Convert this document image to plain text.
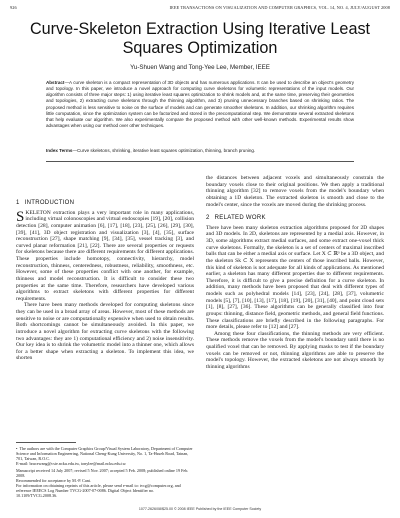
926	IEEE TRANSACTIONS ON VISUALIZATION AND COMPUTER GRAPHICS, VOL. 14, NO. 4, JULY/AUGUST 2008
Curve-Skeleton Extraction Using Iterative Least Squares Optimization
Yu-Shuen Wang and Tong-Yee Lee, Member, IEEE
Abstract—A curve skeleton is a compact representation of 3D objects and has numerous applications. It can be used to describe an object's geometry and topology. In this paper, we introduce a novel approach for computing curve skeletons for volumetric representations of the input models. Our algorithm consists of three major steps: 1) using iterative least squares optimization to shrink models and, at the same time, preserving their geometries and topologies, 2) extracting curve skeletons through the thinning algorithm, and 3) pruning unnecessary branches based on shrinking ratios. The proposed method is less sensitive to noise on the surface of models and can generate smoother skeletons. In addition, our shrinking algorithm requires little computation, since the optimization system can be factorized and stored in the precomputational step. We demonstrate several extracted skeletons that help evaluate our algorithm. We also experimentally compare the proposed method with other well-known methods. Experimental results show advantages when using our method over other techniques.
Index Terms—Curve skeletons, shrinking, iterative least squares optimization, thinning, branch pruning.
1 INTRODUCTION

SKELETON extraction plays a very important role in many applications, including virtual colonoscopies and virtual endoscopies [19], [20], collision detection [28], computer animation [6], [17], [18], [23], [25], [26], [29], [30], [39], [41], 3D object registration and visualization [3], [4], [35], surface reconstruction [27], shape matching [9], [34], [35], vessel tracking [3], and curved planar reformation [21], [22]. There are several properties or requests for skeletons because there are different requirements for different applications. These properties include homotopy, connectivity, hierarchy, model reconstruction, thinness, centeredness, robustness, reliability, smoothness, etc. However, some of these properties conflict with one another, for example, thinness and model reconstruction. It is difficult to consider these two properties at the same time. Therefore, researchers have developed various algorithms to extract skeletons with different properties for different requirements.

There have been many methods developed for computing skeletons since they can be used in a broad array of areas. However, most of these methods are sensitive to noise or are computationally expensive when used to obtain results. Both shortcomings cannot be simultaneously avoided. In this paper, we introduce a novel algorithm for extracting curve skeletons with the following two advantages: they are 1) computational efficiency and 2) noise insensitivity. Our key idea is to shrink the volumetric model into a thinner one, which allows for a better shape when extracting a skeleton. To implement this idea, we shorten

• The authors are with the Computer Graphics Group/Visual System Laboratory, Department of Computer Science and Information Engineering, National Cheng-Kung University, No. 1, Ta-Hsueh Road, Tainan, 701, Taiwan, R.O.C.

E-mail: brucewang@csie.ncku.edu.tw, tonylee@mail.ncku.edu.tw.

Manuscript received 14 July 2007; revised 5 Nov. 2007; accepted 5 Feb. 2008; published online 19 Feb. 2008.

Recommended for acceptance by M.-P. Cani.

For information on obtaining reprints of this article, please send e-mail to: tvcg@computer.org, and reference IEEECS Log Number TVCG-2007-07-0086. Digital Object Identifier no. 10.1109/TVCG.2008.36.

the distances between adjacent voxels and simultaneously constrain the boundary voxels close to their original positions. We then apply a traditional thinning algorithm [32] to remove voxels from the model's boundary when obtaining a 1D skeleton. The extracted skeleton is smooth and close to the model's center, since the voxels are moved during the shrinking process.

2 RELATED WORK

There have been many skeleton extraction algorithms proposed for 2D shapes and 3D models. In 2D, skeletons are represented by a medial axis. However, in 3D, some algorithms extract medial surfaces, and some extract one-voxel thick curve skeletons. Formally, the skeleton is a set of centers of maximal inscribed balls that can be either a medial axis or surface. Let X ⊂ ℝ³ be a 3D object, and the skeleton Sk ⊂ X represents the centers of those inscribed balls. However, this kind of skeleton is not adequate for all kinds of applications. As mentioned earlier, a skeleton has many different properties due to different requirements. Therefore, it is difficult to give a precise definition for a curve skeleton. In addition, many methods have been proposed that deal with different types of models such as polyhedral models [14], [23], [24], [28], [37], volumetric models [5], [7], [10], [13], [17], [18], [19], [20], [31], [40], and point cloud sets [1], [8], [27], [36]. These algorithms can be generally classified into four groups: thinning, distance field, geometric methods, and general field functions. These classifications are briefly described in the following paragraphs. For more details, please refer to [12] and [27].

Among these four classifications, the thinning methods are very efficient. These methods remove the voxels from the model's boundary until there is no qualified voxel that can be removed. By applying masks to test if the boundary voxels can be removed or not, thinning algorithms are able to preserve the model's topology. However, the extracted skeletons are not always smooth by thinning algorithms

1077-2626/08/$25.00 © 2008 IEEE Published by the IEEE Computer Society
